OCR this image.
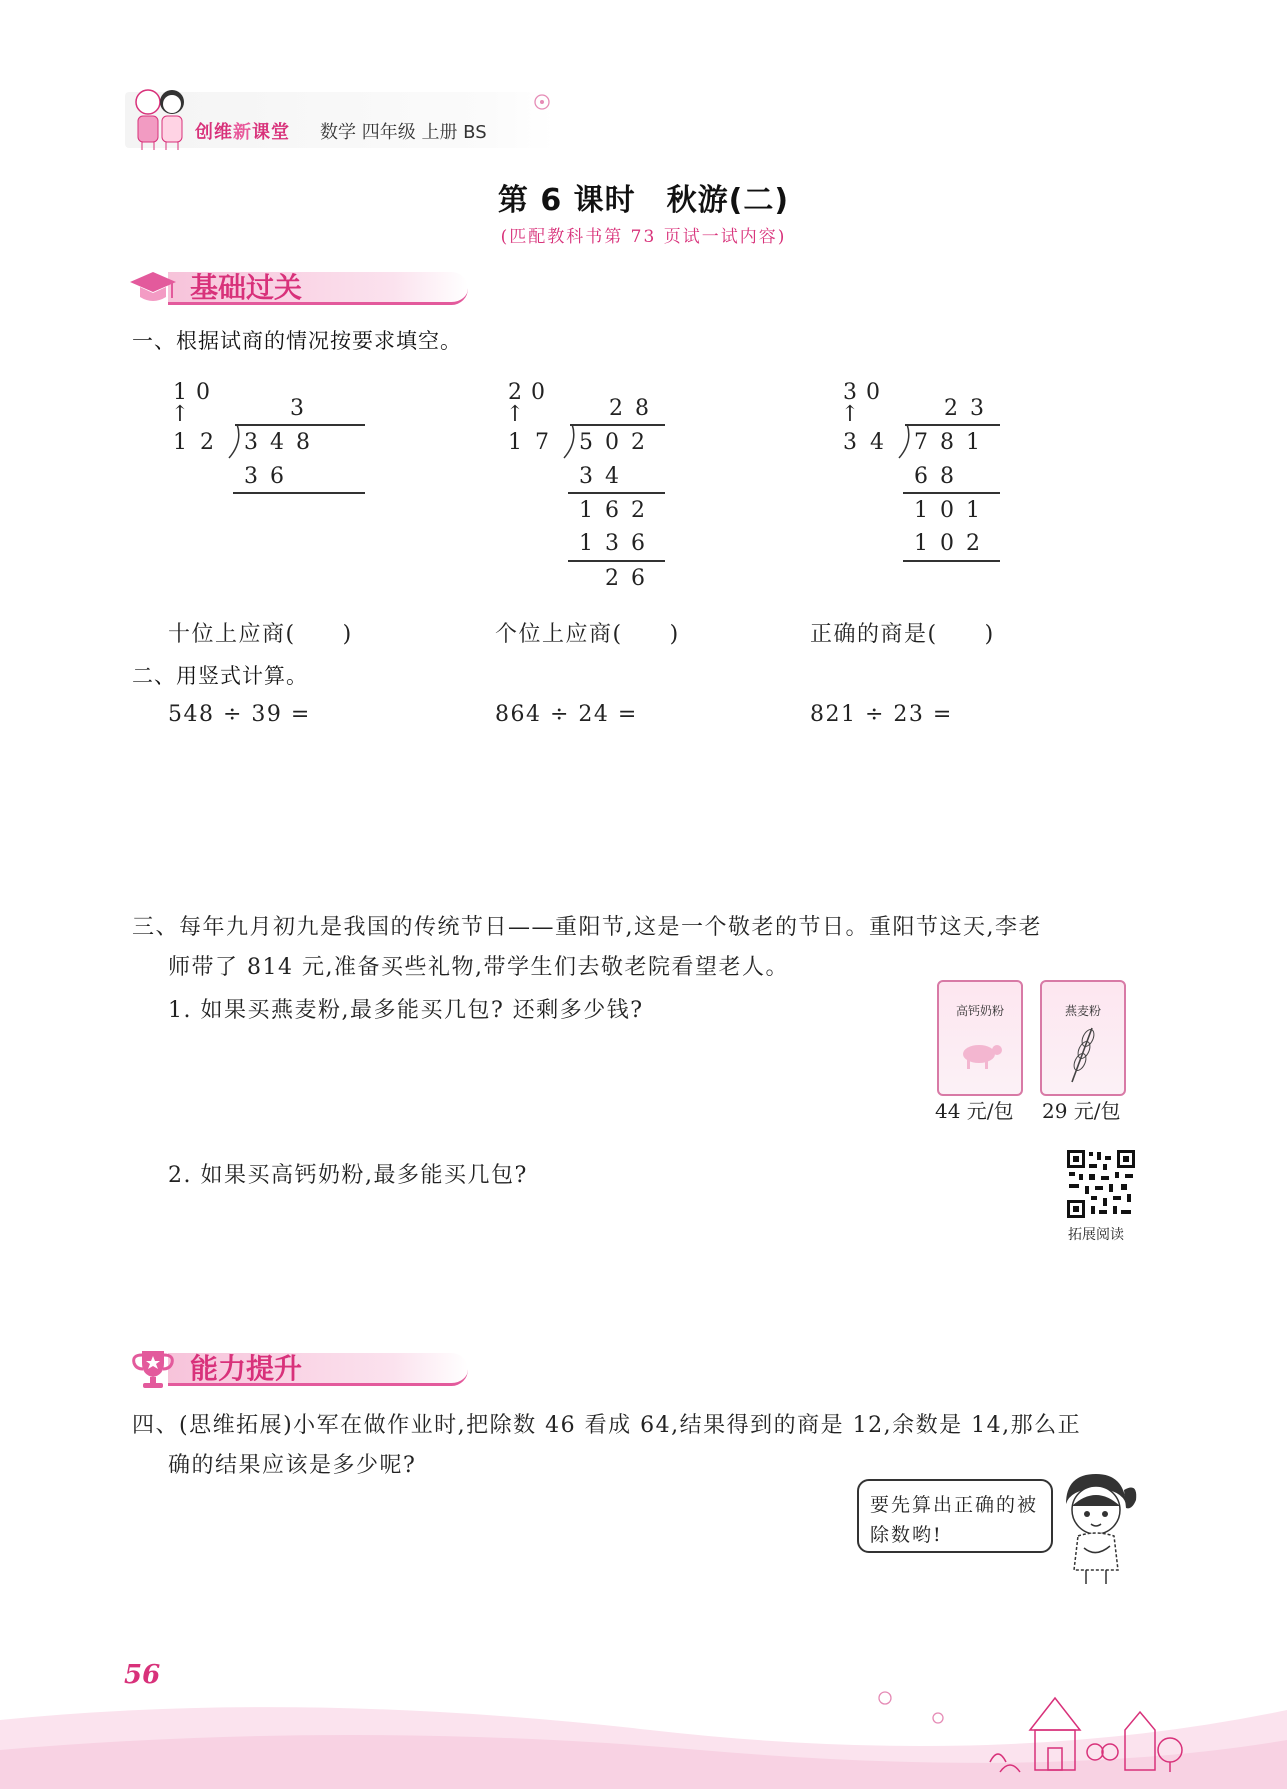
创维新课堂 数学 四年级 上册 BS
第 6 课时　秋游(二)
(匹配教科书第 73 页试一试内容)
基础过关
一、根据试商的情况按要求填空。
1 0
↑	3
1 2	3 4 8
3 6
2 0
↑	2 8
1 7	5 0 2
3 4
1 6 2
1 3 6
2 6
3 0
↑	2 3
3 4	7 8 1
6 8
1 0 1
1 0 2
十位上应商(　　)	个位上应商(　　)	正确的商是(　　)
二、用竖式计算。
548 ÷ 39 =	864 ÷ 24 =	821 ÷ 23 =
三、每年九月初九是我国的传统节日——重阳节,这是一个敬老的节日。重阳节这天,李老
师带了 814 元,准备买些礼物,带学生们去敬老院看望老人。
1. 如果买燕麦粉,最多能买几包? 还剩多少钱?
2. 如果买高钙奶粉,最多能买几包?
高钙奶粉	燕麦粉
44 元/包 29 元/包
拓展阅读
能力提升
四、(思维拓展)小军在做作业时,把除数 46 看成 64,结果得到的商是 12,余数是 14,那么正
确的结果应该是多少呢?
要先算出正确的被除数哟!
56
